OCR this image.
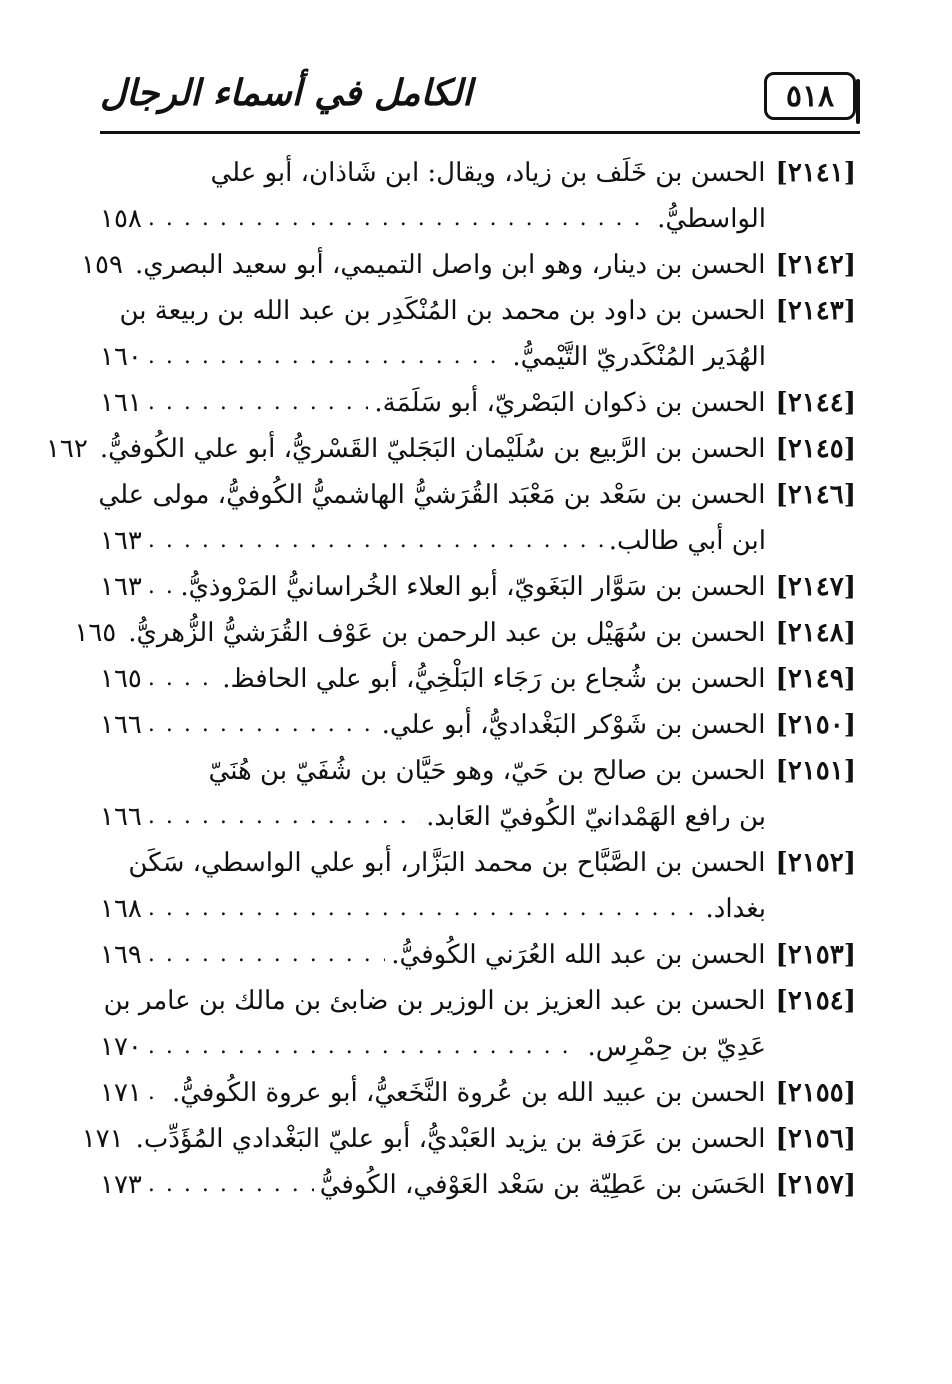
الكامل في أسماء الرجال	٥١٨
[٢١٤١]
الحسن بن خَلَف بن زياد، ويقال: ابن شَاذان، أبو علي
الواسطيُّ.
. . .
١٥٨
[٢١٤٢]
الحسن بن دينار، وهو ابن واصل التميمي، أبو سعيد البصري.
١٥٩
[٢١٤٣]
الحسن بن داود بن محمد بن المُنْكَدِر بن عبد الله بن ربيعة بن
الهُدَير المُنْكَدريّ التَّيْميُّ.
. . .
١٦٠
[٢١٤٤]
الحسن بن ذكوان البَصْريّ، أبو سَلَمَة.
. . .
١٦١
[٢١٤٥]
الحسن بن الرَّبيع بن سُلَيْمان البَجَليّ القَسْريُّ، أبو علي الكُوفيُّ.
١٦٢
[٢١٤٦]
الحسن بن سَعْد بن مَعْبَد القُرَشيُّ الهاشميُّ الكُوفيُّ، مولى علي
ابن أبي طالب.
. . .
١٦٣
[٢١٤٧]
الحسن بن سَوَّار البَغَويّ، أبو العلاء الخُراسانيُّ المَرْوذيُّ.
. . .
١٦٣
[٢١٤٨]
الحسن بن سُهَيْل بن عبد الرحمن بن عَوْف القُرَشيُّ الزُّهريُّ.
١٦٥
[٢١٤٩]
الحسن بن شُجاع بن رَجَاء البَلْخِيُّ، أبو علي الحافظ.
. . .
١٦٥
[٢١٥٠]
الحسن بن شَوْكر البَغْداديُّ، أبو علي.
. . .
١٦٦
[٢١٥١]
الحسن بن صالح بن حَيّ، وهو حَيَّان بن شُفَيّ بن هُنَيّ
بن رافع الهَمْدانيّ الكُوفيّ العَابد.
. . .
١٦٦
[٢١٥٢]
الحسن بن الصَّبَّاح بن محمد البَزَّار، أبو علي الواسطي، سَكَن
بغداد.
. . .
١٦٨
[٢١٥٣]
الحسن بن عبد الله العُرَني الكُوفيُّ.
. . .
١٦٩
[٢١٥٤]
الحسن بن عبد العزيز بن الوزير بن ضابئ بن مالك بن عامر بن
عَدِيّ بن حِمْرِس.
. . .
١٧٠
[٢١٥٥]
الحسن بن عبيد الله بن عُروة النَّخَعيُّ، أبو عروة الكُوفيُّ.
. . .
١٧١
[٢١٥٦]
الحسن بن عَرَفة بن يزيد العَبْديُّ، أبو عليّ البَغْدادي المُؤَدِّب.
١٧١
[٢١٥٧]
الحَسَن بن عَطِيّة بن سَعْد العَوْفي، الكُوفيُّ
. . .
١٧٣
